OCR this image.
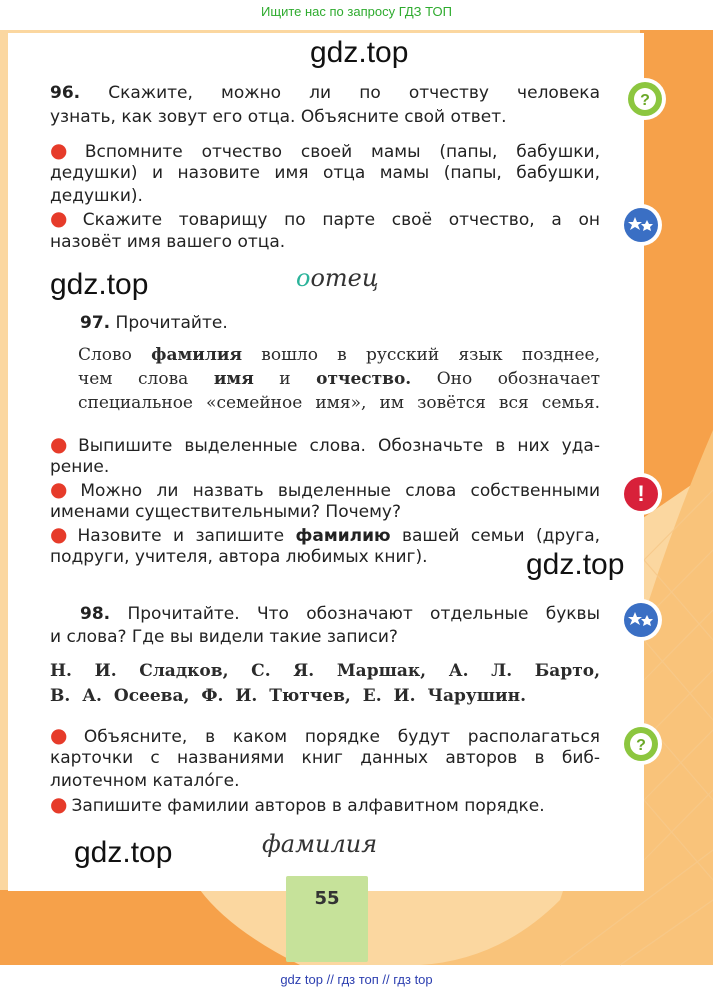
55
Ищите нас по запросу ГДЗ ТОП
gdz top // гдз топ // гдз top
gdz.top
gdz.top
gdz.top
gdz.top
96. Скажите, можно ли по отчеству человека
узнать, как зовут его отца. Объясните свой ответ.
● Вспомните отчество своей мамы (папы, бабушки,
дедушки) и назовите имя отца мамы (папы, бабушки,
дедушки).
● Скажите товарищу по парте своё отчество, а он
назовёт имя вашего отца.
оотец
97. Прочитайте.
Слово фамилия вошло в русский язык позднее,
чем слова имя и отчество. Оно обозначает
специальное «семейное имя», им зовётся вся семья.
● Выпишите выделенные слова. Обозначьте в них уда-
рение.
● Можно ли назвать выделенные слова собственными
именами существительными? Почему?
● Назовите и запишите фамилию вашей семьи (друга,
подруги, учителя, автора любимых книг).
98. Прочитайте. Что обозначают отдельные буквы
и слова? Где вы видели такие записи?
Н. И. Сладков, С. Я. Маршак, А. Л. Барто,
В. А. Осеева, Ф. И. Тютчев, Е. И. Чарушин.
● Объясните, в каком порядке будут располагаться
карточки с названиями книг данных авторов в биб-
лиотечном катало́ге.
● Запишите фамилии авторов в алфавитном порядке.
фамилия
?
!
?
